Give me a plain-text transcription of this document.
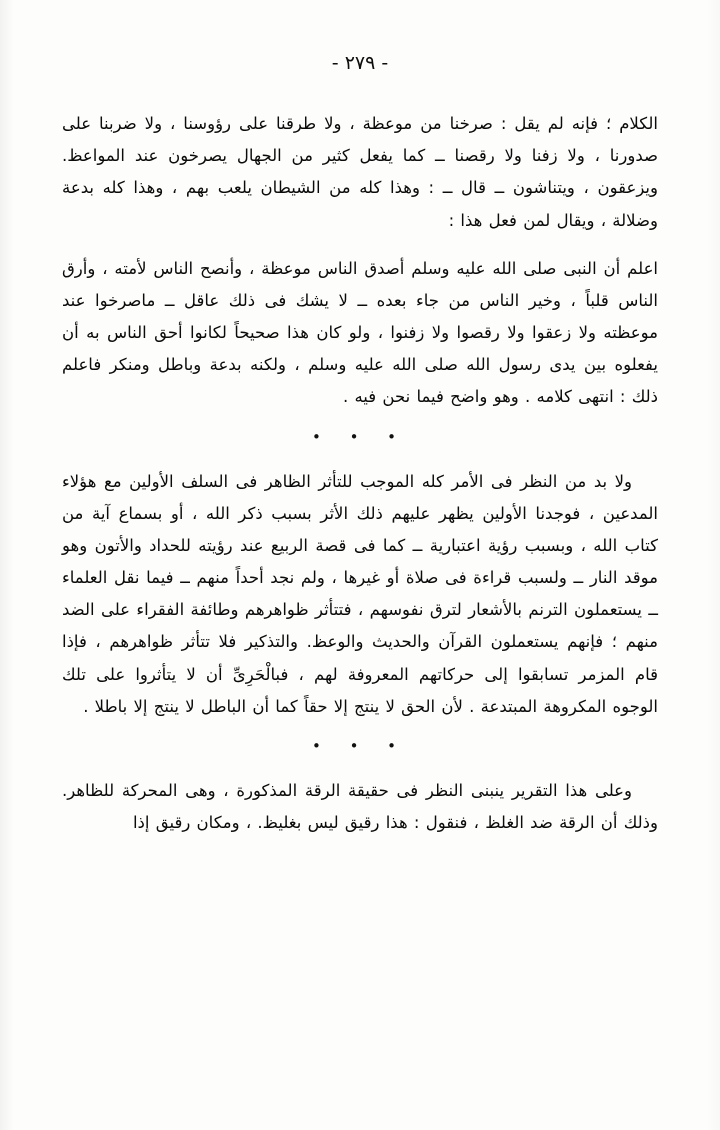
‏- ٢٧٩ -

الكلام ؛ فإنه لم يقل : صرخنا من موعظة ، ولا طرقنا على رؤوسنا ، ولا ضربنا على صدورنا ، ولا زفنا ولا رقصنا ــ كما يفعل كثير من الجهال يصرخون عند المواعظ. ويزعقون ، ويتناشون ــ قال ــ : وهذا كله من الشيطان يلعب بهم ، وهذا كله بدعة وضلالة ، ويقال لمن فعل هذا :

اعلم أن النبى صلى الله عليه وسلم أصدق الناس موعظة ، وأنصح الناس لأمته ، وأرق الناس قلباً ، وخير الناس من جاء بعده ــ لا يشك فى ذلك عاقل ــ ماصرخوا عند موعظته ولا زعقوا ولا رقصوا ولا زفنوا ، ولو كان هذا صحيحاً لكانوا أحق الناس به أن يفعلوه بين يدى رسول الله صلى الله عليه وسلم ، ولكنه بدعة وباطل ومنكر فاعلم ذلك : انتهى كلامه . وهو واضح فيما نحن فيه .

• • •

ولا بد من النظر فى الأمر كله الموجب للتأثر الظاهر فى السلف الأولين مع هؤلاء المدعين ، فوجدنا الأولين يظهر عليهم ذلك الأثر بسبب ذكر الله ، أو بسماع آية من كتاب الله ، وبسبب رؤية اعتبارية ــ كما فى قصة الربيع عند رؤيته للحداد والأتون وهو موقد النار ــ ولسبب قراءة فى صلاة أو غيرها ، ولم نجد أحداً منهم ــ فيما نقل العلماء ــ يستعملون الترنم بالأشعار لترق نفوسهم ، فتتأثر ظواهرهم وطائفة الفقراء على الضد منهم ؛ فإنهم يستعملون القرآن والحديث والوعظ. والتذكير فلا تتأثر ظواهرهم ، فإذا قام المزمر تسابقوا إلى حركاتهم المعروفة لهم ، فبالْحَرِىِّ أن لا يتأثروا على تلك الوجوه المكروهة المبتدعة . لأن الحق لا ينتج إلا حقاً كما أن الباطل لا ينتج إلا باطلا .

• • •

وعلى هذا التقرير ينبنى النظر فى حقيقة الرقة المذكورة ، وهى المحركة للظاهر. وذلك أن الرقة ضد الغلظ ، فنقول : هذا رقيق ليس بغليظ. ، ومكان رقيق إذا
